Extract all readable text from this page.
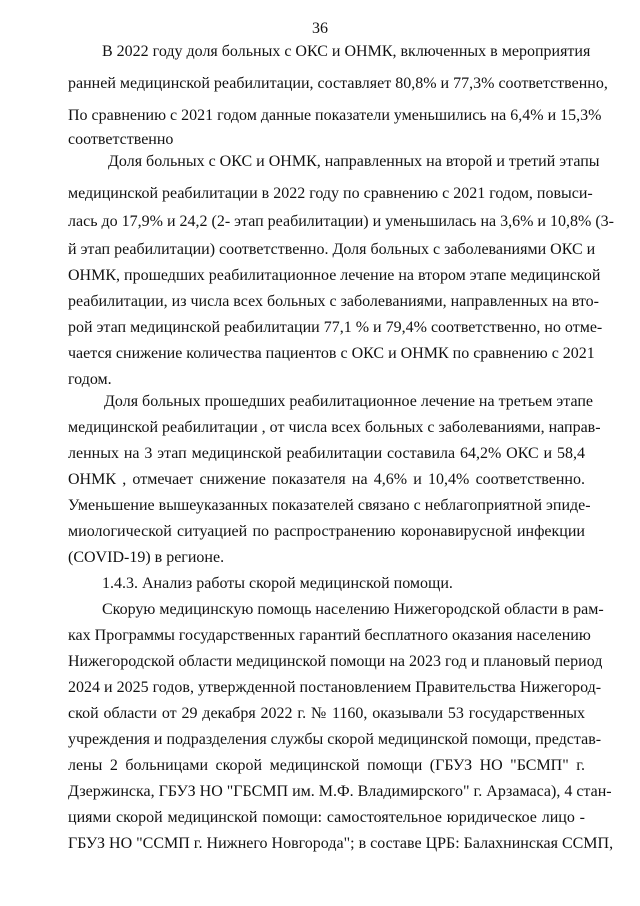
36
В 2022 году доля больных с ОКС и ОНМК, включенных в мероприятия
ранней медицинской реабилитации, составляет 80,8% и 77,3% соответственно,
По сравнению с 2021 годом данные показатели уменьшились на 6,4% и 15,3%
соответственно
Доля больных с ОКС и ОНМК, направленных на второй и третий этапы
медицинской реабилитации в 2022 году по сравнению с 2021 годом, повыси-
лась до 17,9% и 24,2 (2- этап реабилитации) и уменьшилась на 3,6% и 10,8% (3-
й этап реабилитации) соответственно. Доля больных с заболеваниями ОКС и
ОНМК, прошедших реабилитационное лечение на втором этапе медицинской
реабилитации, из числа всех больных с заболеваниями, направленных на вто-
рой этап медицинской реабилитации 77,1 % и 79,4% соответственно, но отме-
чается снижение количества пациентов с ОКС и ОНМК по сравнению с 2021
годом.
Доля больных прошедших реабилитационное лечение на третьем этапе
медицинской реабилитации , от числа всех больных с заболеваниями, направ-
ленных на 3 этап медицинской реабилитации составила 64,2% ОКС и 58,4
ОНМК , отмечает снижение показателя на 4,6% и 10,4% соответственно.
Уменьшение вышеуказанных показателей связано с неблагоприятной эпиде-
миологической ситуацией по распространению коронавирусной инфекции
(COVID-19) в регионе.
1.4.3. Анализ работы скорой медицинской помощи.
Скорую медицинскую помощь населению Нижегородской области в рам-
ках Программы государственных гарантий бесплатного оказания населению
Нижегородской области медицинской помощи на 2023 год и плановый период
2024 и 2025 годов, утвержденной постановлением Правительства Нижегород-
ской области от 29 декабря 2022 г. № 1160, оказывали 53 государственных
учреждения и подразделения службы скорой медицинской помощи, представ-
лены 2 больницами скорой медицинской помощи (ГБУЗ НО "БСМП" г.
Дзержинска, ГБУЗ НО "ГБСМП им. М.Ф. Владимирского" г. Арзамаса), 4 стан-
циями скорой медицинской помощи: самостоятельное юридическое лицо -
ГБУЗ НО "ССМП г. Нижнего Новгорода"; в составе ЦРБ: Балахнинская ССМП,
